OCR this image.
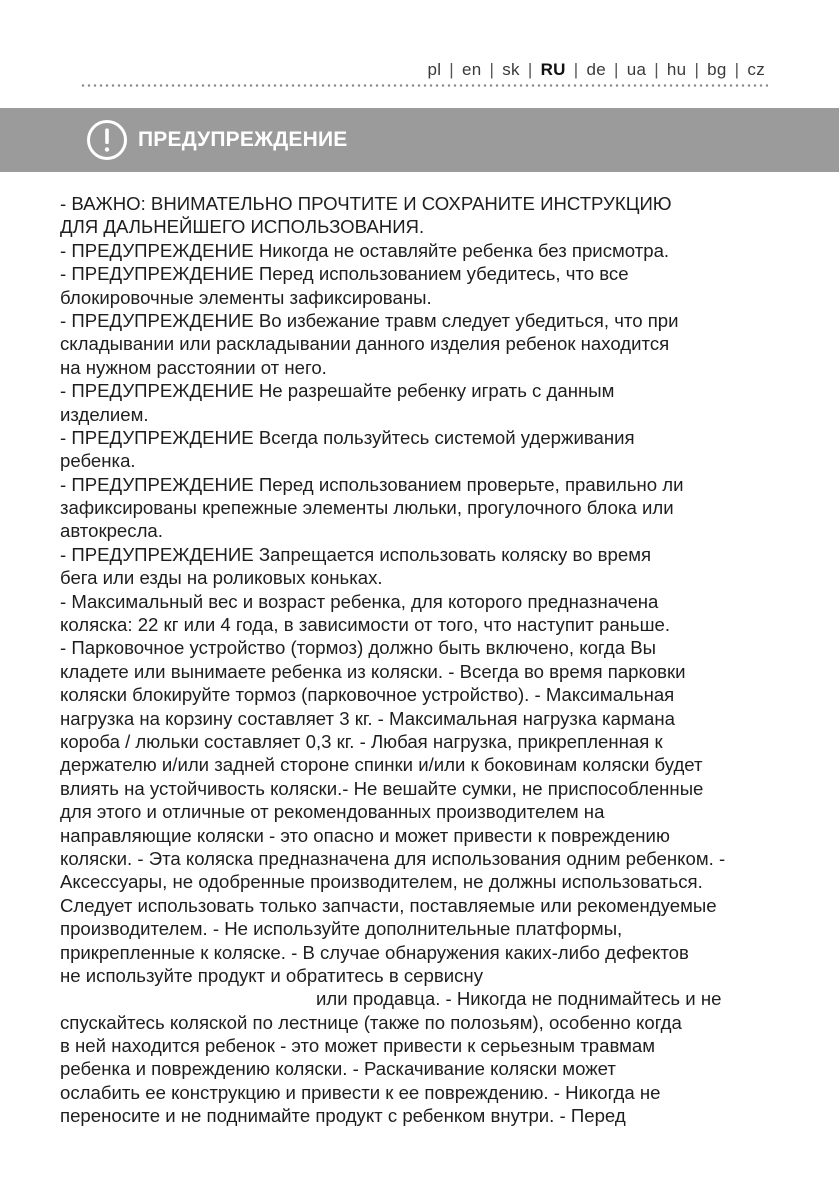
pl | en | sk | RU | de | ua | hu | bg | cz
ПРЕДУПРЕЖДЕНИЕ
- ВАЖНО: ВНИМАТЕЛЬНО ПРОЧТИТЕ И СОХРАНИТЕ ИНСТРУКЦИЮ
ДЛЯ ДАЛЬНЕЙШЕГО ИСПОЛЬЗОВАНИЯ.
- ПРЕДУПРЕЖДЕНИЕ Никогда не оставляйте ребенка без присмотра.
- ПРЕДУПРЕЖДЕНИЕ Перед использованием убедитесь, что все
блокировочные элементы зафиксированы.
- ПРЕДУПРЕЖДЕНИЕ Во избежание травм следует убедиться, что при
складывании или раскладывании данного изделия ребенок находится
на нужном расстоянии от него.
- ПРЕДУПРЕЖДЕНИЕ Не разрешайте ребенку играть с данным
изделием.
- ПРЕДУПРЕЖДЕНИЕ Всегда пользуйтесь системой удерживания
ребенка.
- ПРЕДУПРЕЖДЕНИЕ Перед использованием проверьте, правильно ли
зафиксированы крепежные элементы люльки, прогулочного блока или
автокресла.
- ПРЕДУПРЕЖДЕНИЕ Запрещается использовать коляску во время
бега или езды на роликовых коньках.
- Максимальный вес и возраст ребенка, для которого предназначена
коляска: 22 кг или 4 года, в зависимости от того, что наступит раньше.
- Парковочное устройство (тормоз) должно быть включено, когда Вы
кладете или вынимаете ребенка из коляски. - Всегда во время парковки
коляски блокируйте тормоз (парковочное устройство). - Максимальная
нагрузка на корзину составляет 3 кг. - Максимальная нагрузка кармана
короба / люльки составляет 0,3 кг. - Любая нагрузка, прикрепленная к
держателю и/или задней стороне спинки и/или к боковинам коляски будет
влиять на устойчивость коляски.- Не вешайте сумки, не приспособленные
для этого и отличные от рекомендованных производителем на
направляющие коляски - это опасно и может привести к повреждению
коляски. - Эта коляска предназначена для использования одним ребенком. -
Аксессуары, не одобренные производителем, не должны использоваться.
Следует использовать только запчасти, поставляемые или рекомендуемые
производителем. - Не используйте дополнительные платформы,
прикрепленные к коляске. - В случае обнаружения каких-либо дефектов
не используйте продукт и обратитесь в сервисну
или продавца. - Никогда не поднимайтесь и не
спускайтесь коляской по лестнице (также по полозьям), особенно когда
в ней находится ребенок - это может привести к серьезным травмам
ребенка и повреждению коляски. - Раскачивание коляски может
ослабить ее конструкцию и привести к ее повреждению. - Никогда не
переносите и не поднимайте продукт с ребенком внутри. - Перед
